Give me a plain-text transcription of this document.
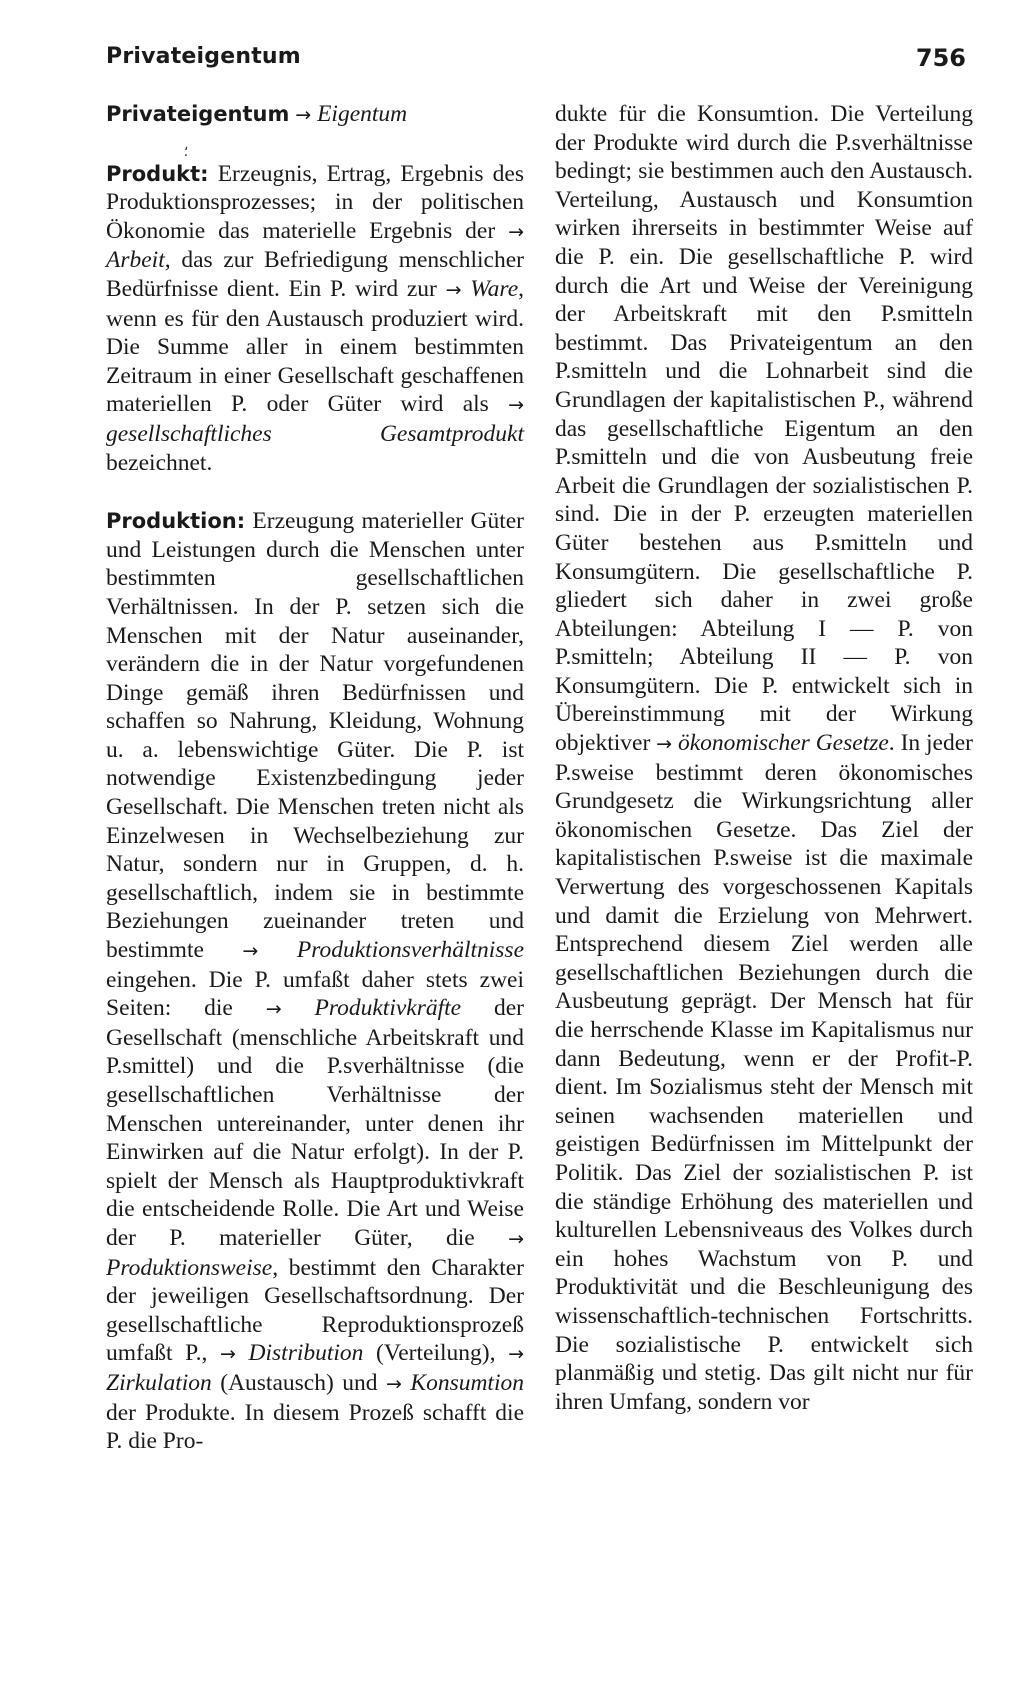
Privateigentum	756
⸵

Privateigentum → Eigentum

Produkt: Erzeugnis, Ertrag, Ergebnis des Produktionsprozesses; in der politischen Ökonomie das materielle Ergebnis der → Arbeit, das zur Befriedigung menschlicher Bedürfnisse dient. Ein P. wird zur → Ware, wenn es für den Austausch produziert wird. Die Summe aller in einem bestimmten Zeitraum in einer Gesellschaft geschaffenen materiellen P. oder Güter wird als → gesellschaftliches Gesamtprodukt bezeichnet.

Produktion: Erzeugung materieller Güter und Leistungen durch die Menschen unter bestimmten gesellschaftlichen Verhältnissen. In der P. setzen sich die Menschen mit der Natur auseinander, verändern die in der Natur vorgefundenen Dinge gemäß ihren Bedürfnissen und schaffen so Nahrung, Kleidung, Wohnung u. a. lebenswichtige Güter. Die P. ist notwendige Existenzbedingung jeder Gesellschaft. Die Menschen treten nicht als Einzelwesen in Wechselbeziehung zur Natur, sondern nur in Gruppen, d. h. gesellschaftlich, indem sie in bestimmte Beziehungen zueinander treten und bestimmte → Produktionsverhältnisse eingehen. Die P. umfaßt daher stets zwei Seiten: die → Produktivkräfte der Gesellschaft (menschliche Arbeitskraft und P.smittel) und die P.sverhältnisse (die gesellschaftlichen Verhältnisse der Menschen untereinander, unter denen ihr Einwirken auf die Natur erfolgt). In der P. spielt der Mensch als Hauptproduktivkraft die entscheidende Rolle. Die Art und Weise der P. materieller Güter, die → Produktionsweise, bestimmt den Charakter der jeweiligen Gesellschaftsordnung. Der gesellschaftliche Reproduktionsprozeß umfaßt P., → Distribution (Verteilung), → Zirkulation (Austausch) und → Konsumtion der Produkte. In diesem Prozeß schafft die P. die Pro-

dukte für die Konsumtion. Die Verteilung der Produkte wird durch die P.sverhältnisse bedingt; sie bestimmen auch den Austausch. Verteilung, Austausch und Konsumtion wirken ihrerseits in bestimmter Weise auf die P. ein. Die gesellschaftliche P. wird durch die Art und Weise der Vereinigung der Arbeitskraft mit den P.smitteln bestimmt. Das Privateigentum an den P.smitteln und die Lohnarbeit sind die Grundlagen der kapitalistischen P., während das gesellschaftliche Eigentum an den P.smitteln und die von Ausbeutung freie Arbeit die Grundlagen der sozialistischen P. sind. Die in der P. erzeugten materiellen Güter bestehen aus P.smitteln und Konsumgütern. Die gesellschaftliche P. gliedert sich daher in zwei große Abteilungen: Abteilung I — P. von P.smitteln; Abteilung II — P. von Konsumgütern. Die P. entwickelt sich in Übereinstimmung mit der Wirkung objektiver → ökonomischer Gesetze. In jeder P.sweise bestimmt deren ökonomisches Grundgesetz die Wirkungsrichtung aller ökonomischen Gesetze. Das Ziel der kapitalistischen P.sweise ist die maximale Verwertung des vorgeschossenen Kapitals und damit die Erzielung von Mehrwert. Entsprechend diesem Ziel werden alle gesellschaftlichen Beziehungen durch die Ausbeutung geprägt. Der Mensch hat für die herrschende Klasse im Kapitalismus nur dann Bedeutung, wenn er der Profit-P. dient. Im Sozialismus steht der Mensch mit seinen wachsenden materiellen und geistigen Bedürfnissen im Mittelpunkt der Politik. Das Ziel der sozialistischen P. ist die ständige Erhöhung des materiellen und kulturellen Lebensniveaus des Volkes durch ein hohes Wachstum von P. und Produktivität und die Beschleunigung des wissenschaftlich-technischen Fortschritts. Die sozialistische P. entwickelt sich planmäßig und stetig. Das gilt nicht nur für ihren Umfang, sondern vor
